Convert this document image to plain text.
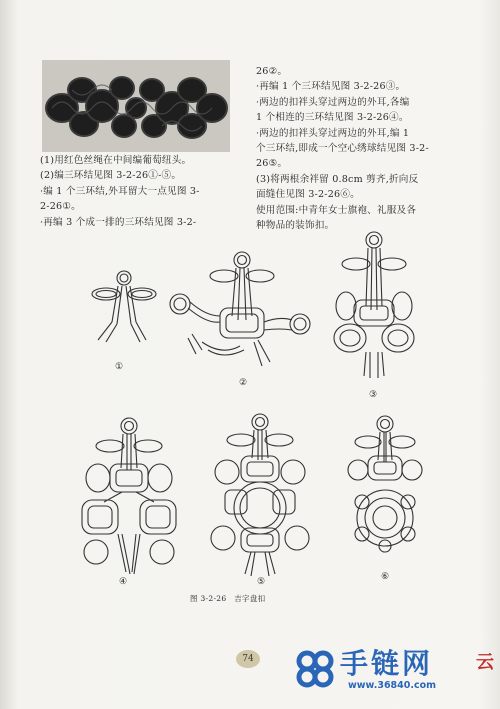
(1)用红色丝绳在中间编葡萄纽头。

(2)编三环结见图 3-2-26①-⑤。

·编 1 个三环结,外耳留大一点见图 3-

2-26①。

·再编 3 个成一排的三环结见图 3-2-

26②。

·再编 1 个三环结见图 3-2-26③。

·两边的扣袢头穿过两边的外耳,各编

1 个相连的三环结见图 3-2-26④。

·两边的扣袢头穿过两边的外耳,编 1

个三环结,即成一个空心绣球结见图 3-2-

26⑤。

(3)将两根余袢留 0.8cm 剪齐,折向反

面缝住见图 3-2-26⑥。

使用范围:中青年女士旗袍、礼服及各

种物品的装饰扣。

①
②
③
④	⑤	⑥
图 3-2-26　吉字盘扣
74	手链网
www.36840.com
云
